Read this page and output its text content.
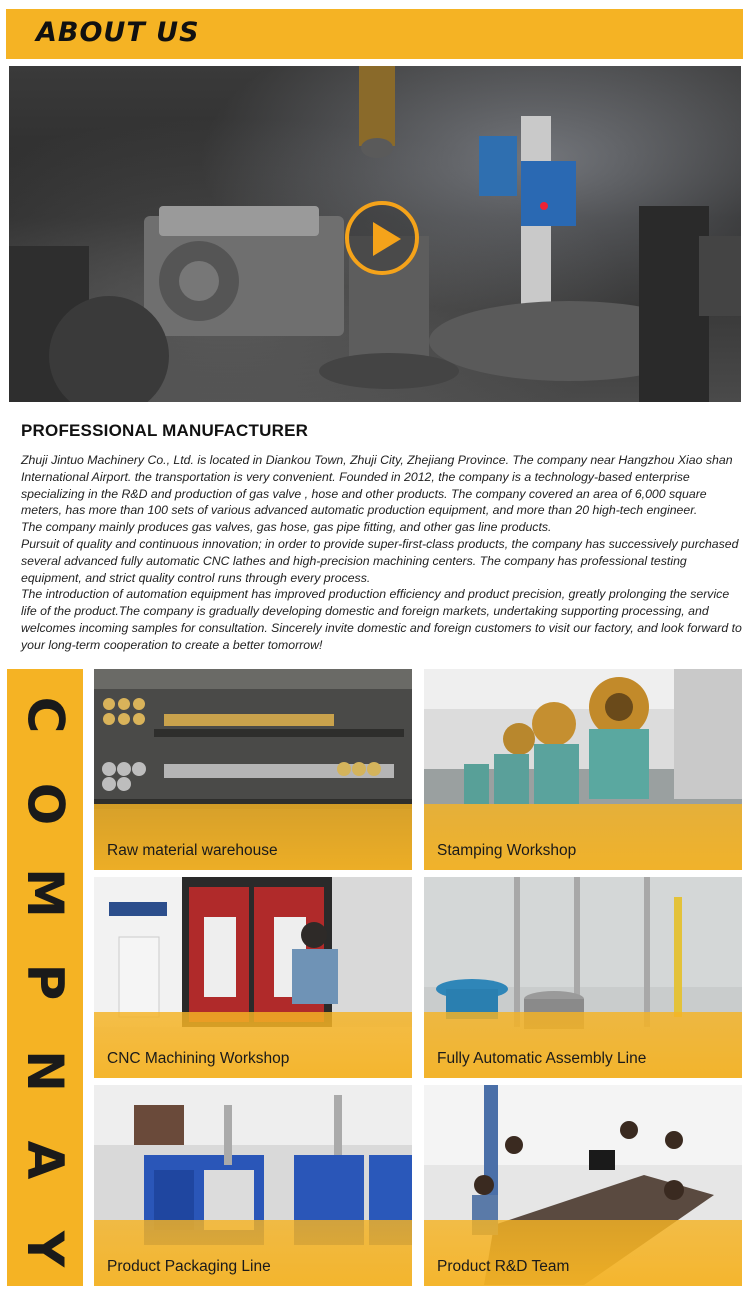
ABOUT US
PROFESSIONAL MANUFACTURER

Zhuji Jintuo Machinery Co., Ltd. is located in Diankou Town, Zhuji City, Zhejiang Province. The company near Hangzhou Xiao shan International Airport. the transportation is very convenient. Founded in 2012, the company is a technology-based enterprise specializing in the R&D and production of gas valve , hose and other products. The company covered an area of 6,000 square meters, has more than 100 sets of various advanced automatic production equipment, and more than 20 high-tech engineer.

The company mainly produces gas valves, gas hose, gas pipe fitting, and other gas line products.

Pursuit of quality and continuous innovation; in order to provide super-first-class products, the company has successively purchased several advanced fully automatic CNC lathes and high-precision machining centers. The company has professional testing equipment, and strict quality control runs through every process.

The introduction of automation equipment has improved production efficiency and product precision, greatly prolonging the service life of the product.The company is gradually developing domestic and foreign markets, undertaking supporting processing, and welcomes incoming samples for consultation. Sincerely invite domestic and foreign customers to visit our factory, and look forward to your long-term cooperation to create a better tomorrow!

C
O
M
P
N
A
Y
Raw material warehouse	Stamping Workshop
CNC Machining Workshop	Fully Automatic Assembly Line
Product Packaging Line	Product R&D Team
